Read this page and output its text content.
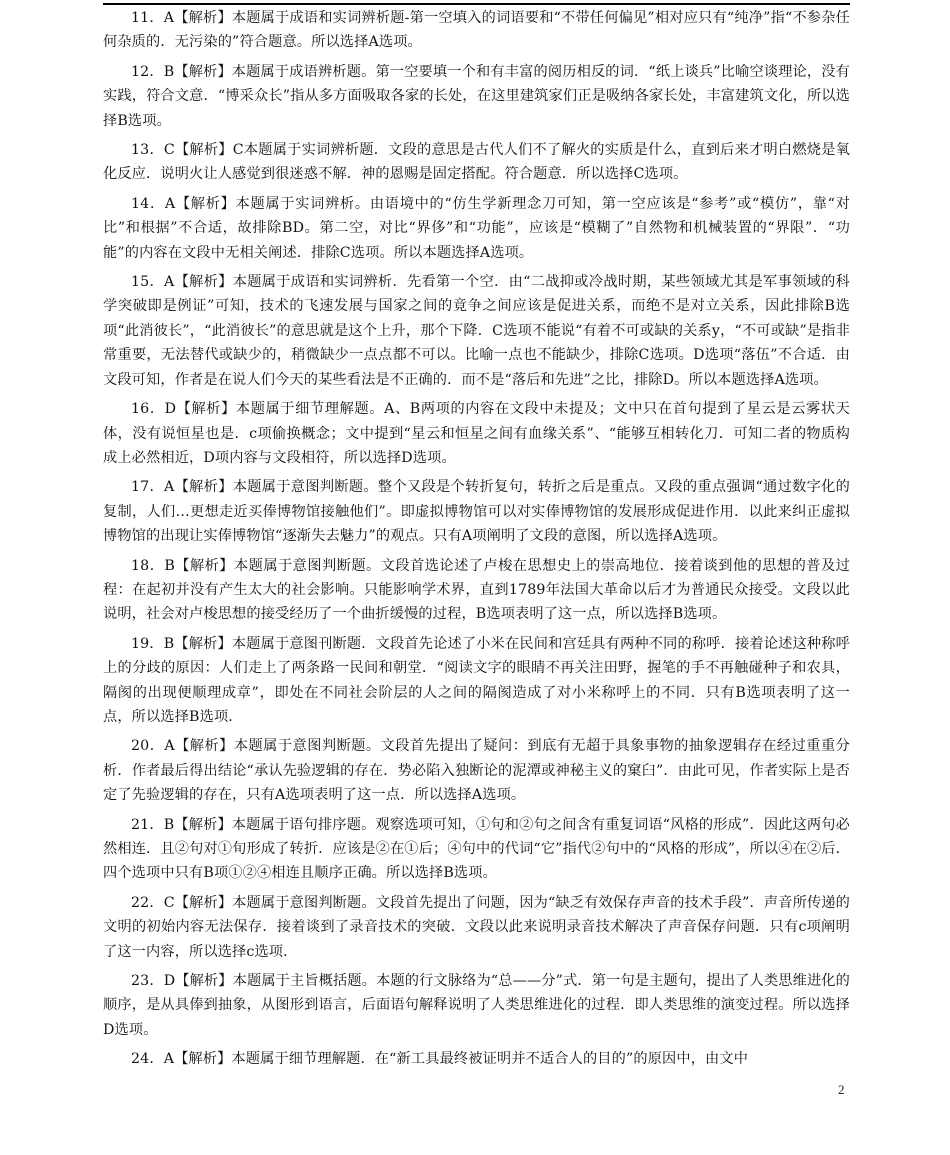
11．A【解析】本题属于成语和实词辨析题-第一空填入的词语要和“不带任何偏见”相对应只有“纯净”指“不参杂任何杂质的．无污染的”符合题意。所以选择A选项。

12．B【解析】本题属于成语辨析题。第一空要填一个和有丰富的阅历相反的词．“纸上谈兵”比喻空谈理论，没有实践，符合文意．“博采众长”指从多方面吸取各家的长处，在这里建筑家们正是吸纳各家长处，丰富建筑文化，所以选择B选项。

13．C【解析】C本题属于实词辨析题．文段的意思是古代人们不了解火的实质是什么，直到后来才明白燃烧是氧化反应．说明火让人感觉到很迷惑不解．神的恩赐是固定搭配。符合题意．所以选择C选项。

14．A【解析】本题属于实词辨析。由语境中的“仿生学新理念刀可知，第一空应该是“参考”或“模仿”，靠“对比”和根据”不合适，故排除BD。第二空，对比“界侈”和“功能”，应该是“模糊了”自然物和机械装置的“界限”．“功能”的内容在文段中无相关阐述．排除C选项。所以本题选择A选项。

15．A【解析】本题属于成语和实词辨析．先看第一个空．由“二战抑或冷战时期，某些领域尤其是军事领域的科学突破即是例证”可知，技术的飞速发展与国家之间的竟争之间应该是促进关系，而绝不是对立关系，因此排除B选项“此消彼长”，“此消彼长”的意思就是这个上升，那个下降．C选项不能说“有着不可或缺的关系y，“不可或缺”是指非常重要，无法替代或缺少的，稍微缺少一点点都不可以。比喻一点也不能缺少，排除C选项。D选项“落伍”不合适．由文段可知，作者是在说人们今天的某些看法是不正确的．而不是“落后和先进”之比，排除D。所以本题选择A选项。

16．D【解析】本题属于细节理解题。A、B两项的内容在文段中未提及；文中只在首句提到了星云是云雾状天体，没有说恒星也是．c项偷换概念；文中提到“星云和恒星之间有血缘关系”、“能够互相转化刀．可知二者的物质构成上必然相近，D项内容与文段相符，所以选择D选项。

17．A【解析】本题属于意图判断题。整个又段是个转折复句，转折之后是重点。又段的重点强调“通过数字化的复制，人们…更想走近买俸博物馆接触他们”。即虚拟博物馆可以对实俸博物馆的发展形成促进作用．以此来纠正虚拟博物馆的出现让实俸博物馆“逐渐失去魅力”的观点。只有A项阐明了文段的意图，所以选择A选项。

18．B【解析】本题属于意图判断题。文段首选论述了卢梭在思想史上的崇高地位．接着谈到他的思想的普及过程：在起初并没有产生太大的社会影响。只能影响学术界，直到1789年法国大革命以后才为普通民众接受。文段以此说明，社会对卢梭思想的接受经历了一个曲折缓慢的过程，B选项表明了这一点，所以选择B选项。

19．B【解析】本题属于意图刊断题．文段首先论述了小米在民间和宫廷具有两种不同的称呼．接着论述这种称呼上的分歧的原因：人们走上了两条路一民间和朝堂．“阅读文字的眼睛不再关注田野，握笔的手不再触碰种子和农具，隔阂的出现便顺理成章”，即处在不同社会阶层的人之间的隔阂造成了对小米称呼上的不同．只有B选项表明了这一点，所以选择B选项．

20．A【解析】本题属于意图判断题。文段首先提出了疑问：到底有无超于具象事物的抽象逻辑存在经过重重分析．作者最后得出结论“承认先验逻辑的存在．势必陷入独断论的泥潭或神秘主义的窠臼”．由此可见，作者实际上是否定了先验逻辑的存在，只有A选项表明了这一点．所以选择A选项。

21．B【解析】本题属于语句排序题。观察选项可知，①句和②句之间含有重复词语“风格的形成”．因此这两句必然相连．且②句对①旬形成了转折．应该是②在①后；④句中的代词“它”指代②句中的“风格的形成”，所以④在②后．四个选项中只有B项①②④相连且顺序正确。所以选择B选项。

22．C【解析】本题属于意图判断题。文段首先提出了问题，因为“缺乏有效保存声音的技术手段”．声音所传递的文明的初始内容无法保存．接着谈到了录音技术的突破．文段以此来说明录音技术解决了声音保存问题．只有c项阐明了这一内容，所以选择c选项．

23．D【解析】本题属于主旨概括题。本题的行文脉络为“总——分”式．第一句是主题句，提出了人类思维进化的顺序，是从具俸到抽象，从图形到语言，后面语句解释说明了人类思维进化的过程．即人类思维的演变过程。所以选择D选项。

24．A【解析】本题属于细节理解题．在“新工具最终被证明并不适合人的目的”的原因中，由文中

2
